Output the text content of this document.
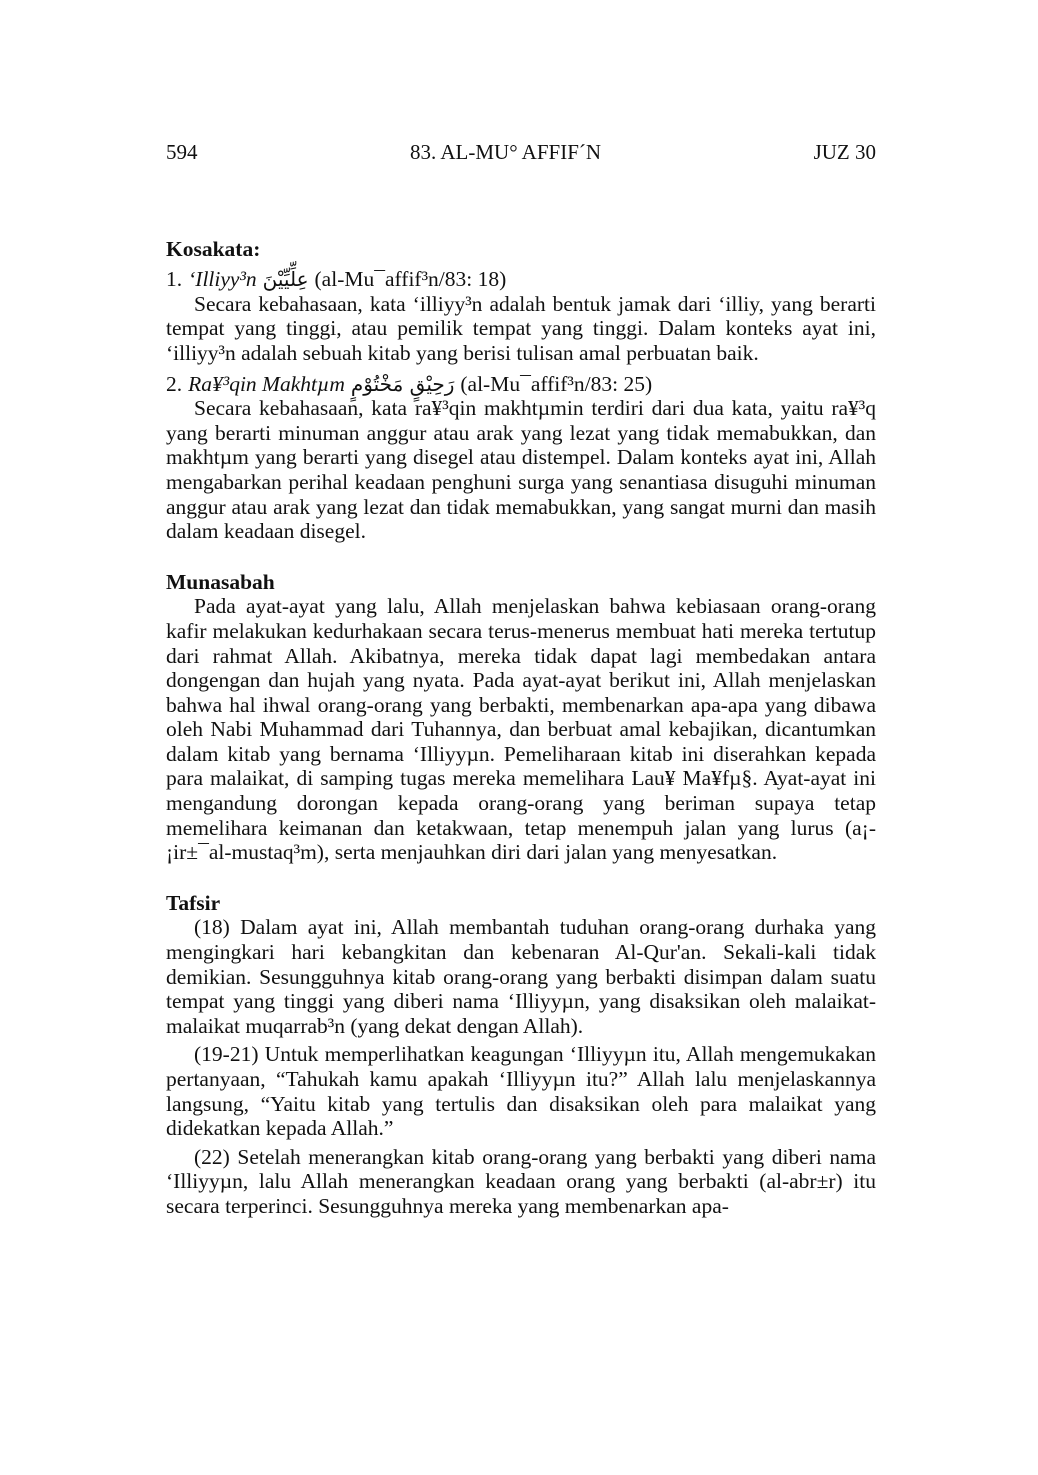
594	83. AL-MU° AFFIF´N	JUZ 30
Kosakata:
1. ‘Illiyy³n عِلِّيِّيْنَ (al-Mu¯affif³n/83: 18)

Secara kebahasaan, kata ‘illiyy³n adalah bentuk jamak dari ‘illiy, yang berarti tempat yang tinggi, atau pemilik tempat yang tinggi. Dalam konteks ayat ini, ‘illiyy³n adalah sebuah kitab yang berisi tulisan amal perbuatan baik.

2. Ra¥³qin Makhtµm رَحِيْقٍ مَخْتُوْمٍ (al-Mu¯affif³n/83: 25)

Secara kebahasaan, kata ra¥³qin makhtµmin terdiri dari dua kata, yaitu ra¥³q yang berarti minuman anggur atau arak yang lezat yang tidak memabukkan, dan makhtµm yang berarti yang disegel atau distempel. Dalam konteks ayat ini, Allah mengabarkan perihal keadaan penghuni surga yang senantiasa disuguhi minuman anggur atau arak yang lezat dan tidak memabukkan, yang sangat murni dan masih dalam keadaan disegel.

Munasabah

Pada ayat-ayat yang lalu, Allah menjelaskan bahwa kebiasaan orang-orang kafir melakukan kedurhakaan secara terus-menerus membuat hati mereka tertutup dari rahmat Allah. Akibatnya, mereka tidak dapat lagi membedakan antara dongengan dan hujah yang nyata. Pada ayat-ayat berikut ini, Allah menjelaskan bahwa hal ihwal orang-orang yang berbakti, membenarkan apa-apa yang dibawa oleh Nabi Muhammad dari Tuhannya, dan berbuat amal kebajikan, dicantumkan dalam kitab yang bernama ‘Illiyyµn. Pemeliharaan kitab ini diserahkan kepada para malaikat, di samping tugas mereka memelihara Lau¥ Ma¥fµ§. Ayat-ayat ini mengandung dorongan kepada orang-orang yang beriman supaya tetap memelihara keimanan dan ketakwaan, tetap menempuh jalan yang lurus (a¡-¡ir±¯al-mustaq³m), serta menjauhkan diri dari jalan yang menyesatkan.

Tafsir

(18) Dalam ayat ini, Allah membantah tuduhan orang-orang durhaka yang mengingkari hari kebangkitan dan kebenaran Al-Qur'an. Sekali-kali tidak demikian. Sesungguhnya kitab orang-orang yang berbakti disimpan dalam suatu tempat yang tinggi yang diberi nama ‘Illiyyµn, yang disaksikan oleh malaikat-malaikat muqarrab³n (yang dekat dengan Allah).

(19-21) Untuk memperlihatkan keagungan ‘Illiyyµn itu, Allah mengemukakan pertanyaan, “Tahukah kamu apakah ‘Illiyyµn itu?” Allah lalu menjelaskannya langsung, “Yaitu kitab yang tertulis dan disaksikan oleh para malaikat yang didekatkan kepada Allah.”

(22) Setelah menerangkan kitab orang-orang yang berbakti yang diberi nama ‘Illiyyµn, lalu Allah menerangkan keadaan orang yang berbakti (al-abr±r) itu secara terperinci. Sesungguhnya mereka yang membenarkan apa-
